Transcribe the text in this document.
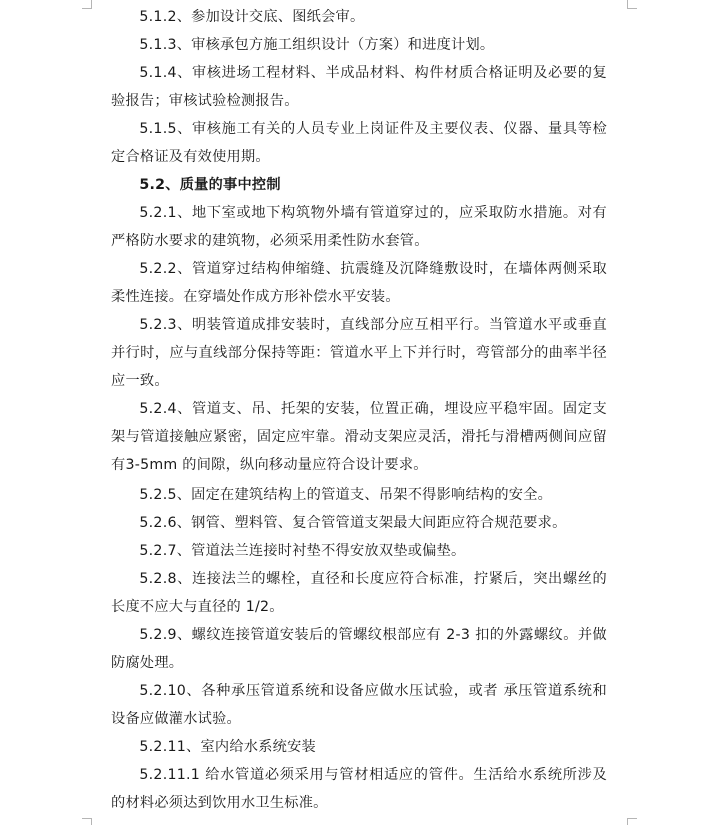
5.1.2、参加设计交底、图纸会审。

5.1.3、审核承包方施工组织设计（方案）和进度计划。

5.1.4、审核进场工程材料、半成品材料、构件材质合格证明及必要的复验报告；审核试验检测报告。

5.1.5、审核施工有关的人员专业上岗证件及主要仪表、仪器、量具等检定合格证及有效使用期。

5.2、质量的事中控制

5.2.1、地下室或地下构筑物外墙有管道穿过的，应采取防水措施。对有严格防水要求的建筑物，必须采用柔性防水套管。

5.2.2、管道穿过结构伸缩缝、抗震缝及沉降缝敷设时，在墙体两侧采取柔性连接。在穿墙处作成方形补偿水平安装。

5.2.3、明装管道成排安装时，直线部分应互相平行。当管道水平或垂直并行时，应与直线部分保持等距：管道水平上下并行时，弯管部分的曲率半径应一致。

5.2.4、管道支、吊、托架的安装，位置正确，埋设应平稳牢固。固定支架与管道接触应紧密，固定应牢靠。滑动支架应灵活，滑托与滑槽两侧间应留有3-5mm 的间隙，纵向移动量应符合设计要求。

5.2.5、固定在建筑结构上的管道支、吊架不得影响结构的安全。

5.2.6、钢管、塑料管、复合管管道支架最大间距应符合规范要求。

5.2.7、管道法兰连接时衬垫不得安放双垫或偏垫。

5.2.8、连接法兰的螺栓，直径和长度应符合标准，拧紧后，突出螺丝的长度不应大与直径的 1/2。

5.2.9、螺纹连接管道安装后的管螺纹根部应有 2-3 扣的外露螺纹。并做防腐处理。

5.2.10、各种承压管道系统和设备应做水压试验，或者 承压管道系统和设备应做灌水试验。

5.2.11、室内给水系统安装

5.2.11.1 给水管道必须采用与管材相适应的管件。生活给水系统所涉及的材料必须达到饮用水卫生标准。
